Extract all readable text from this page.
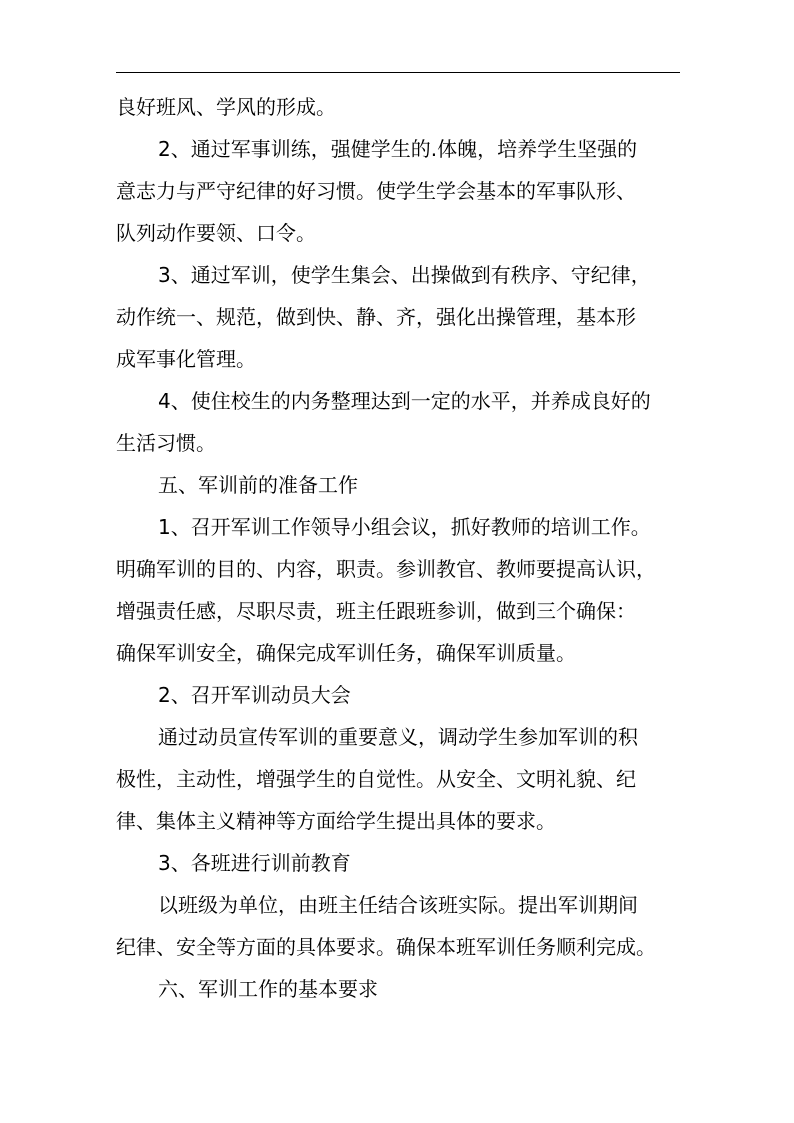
良好班风、学风的形成。
2、通过军事训练，强健学生的.体魄，培养学生坚强的
意志力与严守纪律的好习惯。使学生学会基本的军事队形、
队列动作要领、口令。
3、通过军训，使学生集会、出操做到有秩序、守纪律，
动作统一、规范，做到快、静、齐，强化出操管理，基本形
成军事化管理。
4、使住校生的内务整理达到一定的水平，并养成良好的
生活习惯。
五、军训前的准备工作
1、召开军训工作领导小组会议，抓好教师的培训工作。
明确军训的目的、内容，职责。参训教官、教师要提高认识，
增强责任感，尽职尽责，班主任跟班参训，做到三个确保：
确保军训安全，确保完成军训任务，确保军训质量。
2、召开军训动员大会
通过动员宣传军训的重要意义，调动学生参加军训的积
极性，主动性，增强学生的自觉性。从安全、文明礼貌、纪
律、集体主义精神等方面给学生提出具体的要求。
3、各班进行训前教育
以班级为单位，由班主任结合该班实际。提出军训期间
纪律、安全等方面的具体要求。确保本班军训任务顺利完成。
六、军训工作的基本要求
